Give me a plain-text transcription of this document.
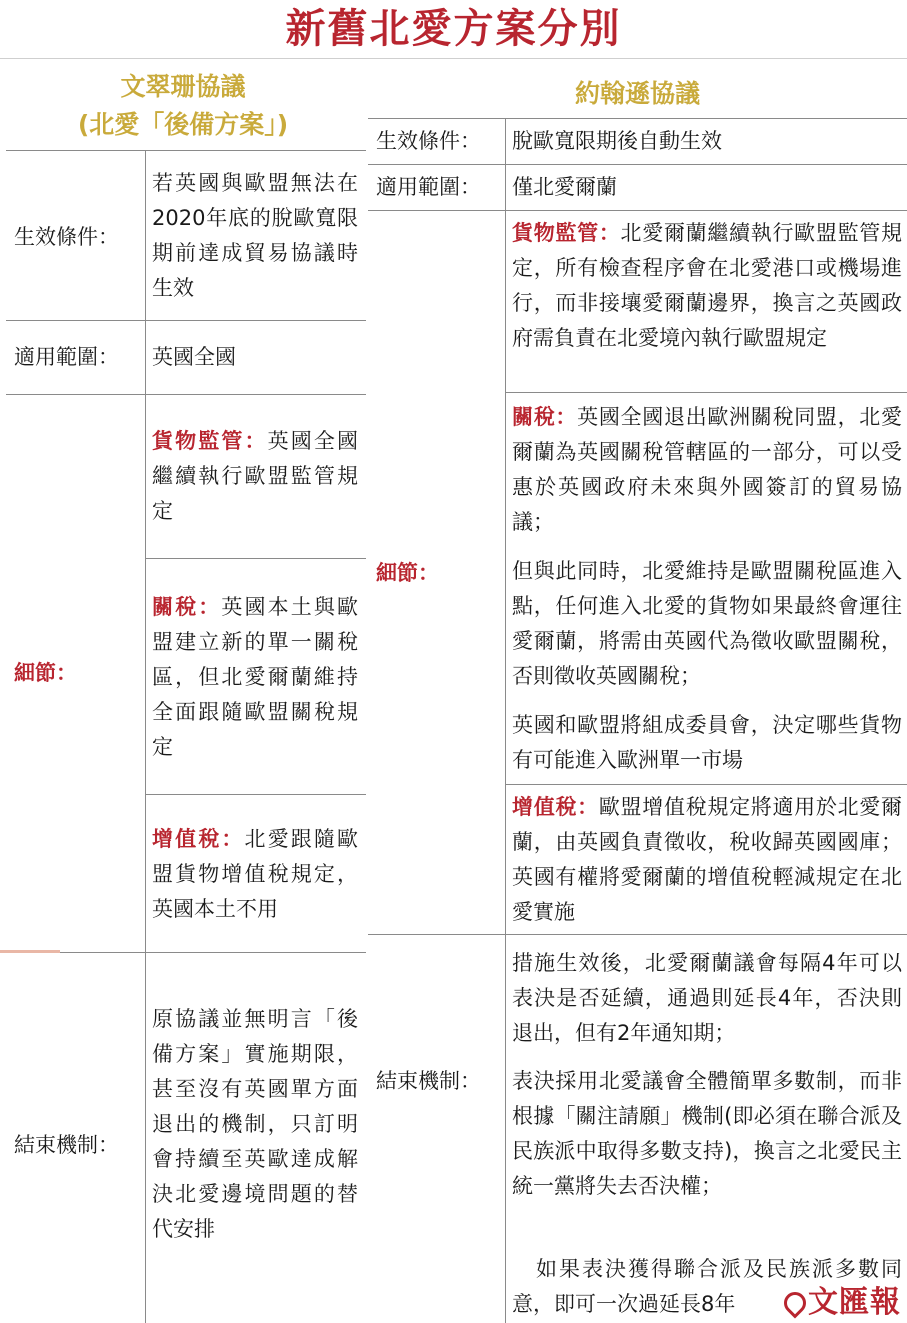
新舊北愛方案分別
文翠珊協議
(北愛「後備方案」)
生效條件：
若英國與歐盟無法在2020年底的脫歐寬限期前達成貿易協議時生效
適用範圍： 英國全國
細節：
貨物監管：英國全國繼續執行歐盟監管規定
關稅：英國本土與歐盟建立新的單一關稅區，但北愛爾蘭維持全面跟隨歐盟關稅規定
增值稅：北愛跟隨歐盟貨物增值稅規定，英國本土不用
結束機制：
原協議並無明言「後備方案」實施期限，甚至沒有英國單方面退出的機制，只訂明會持續至英歐達成解決北愛邊境問題的替代安排
約翰遜協議
生效條件： 脫歐寬限期後自動生效
適用範圍： 僅北愛爾蘭
細節：
貨物監管：北愛爾蘭繼續執行歐盟監管規定，所有檢查程序會在北愛港口或機場進行，而非接壤愛爾蘭邊界，換言之英國政府需負責在北愛境內執行歐盟規定
關稅：英國全國退出歐洲關稅同盟，北愛爾蘭為英國關稅管轄區的一部分，可以受惠於英國政府未來與外國簽訂的貿易協議；
但與此同時，北愛維持是歐盟關稅區進入點，任何進入北愛的貨物如果最終會運往愛爾蘭，將需由英國代為徵收歐盟關稅，否則徵收英國關稅；
英國和歐盟將組成委員會，決定哪些貨物有可能進入歐洲單一市場
增值稅：歐盟增值稅規定將適用於北愛爾蘭，由英國負責徵收，稅收歸英國國庫；英國有權將愛爾蘭的增值稅輕減規定在北愛實施
結束機制：
措施生效後，北愛爾蘭議會每隔4年可以表決是否延續，通過則延長4年，否決則退出，但有2年通知期；
表決採用北愛議會全體簡單多數制，而非根據「關注請願」機制(即必須在聯合派及民族派中取得多數支持)，換言之北愛民主統一黨將失去否決權；
如果表決獲得聯合派及民族派多數同意，即可一次過延長8年	文匯報
